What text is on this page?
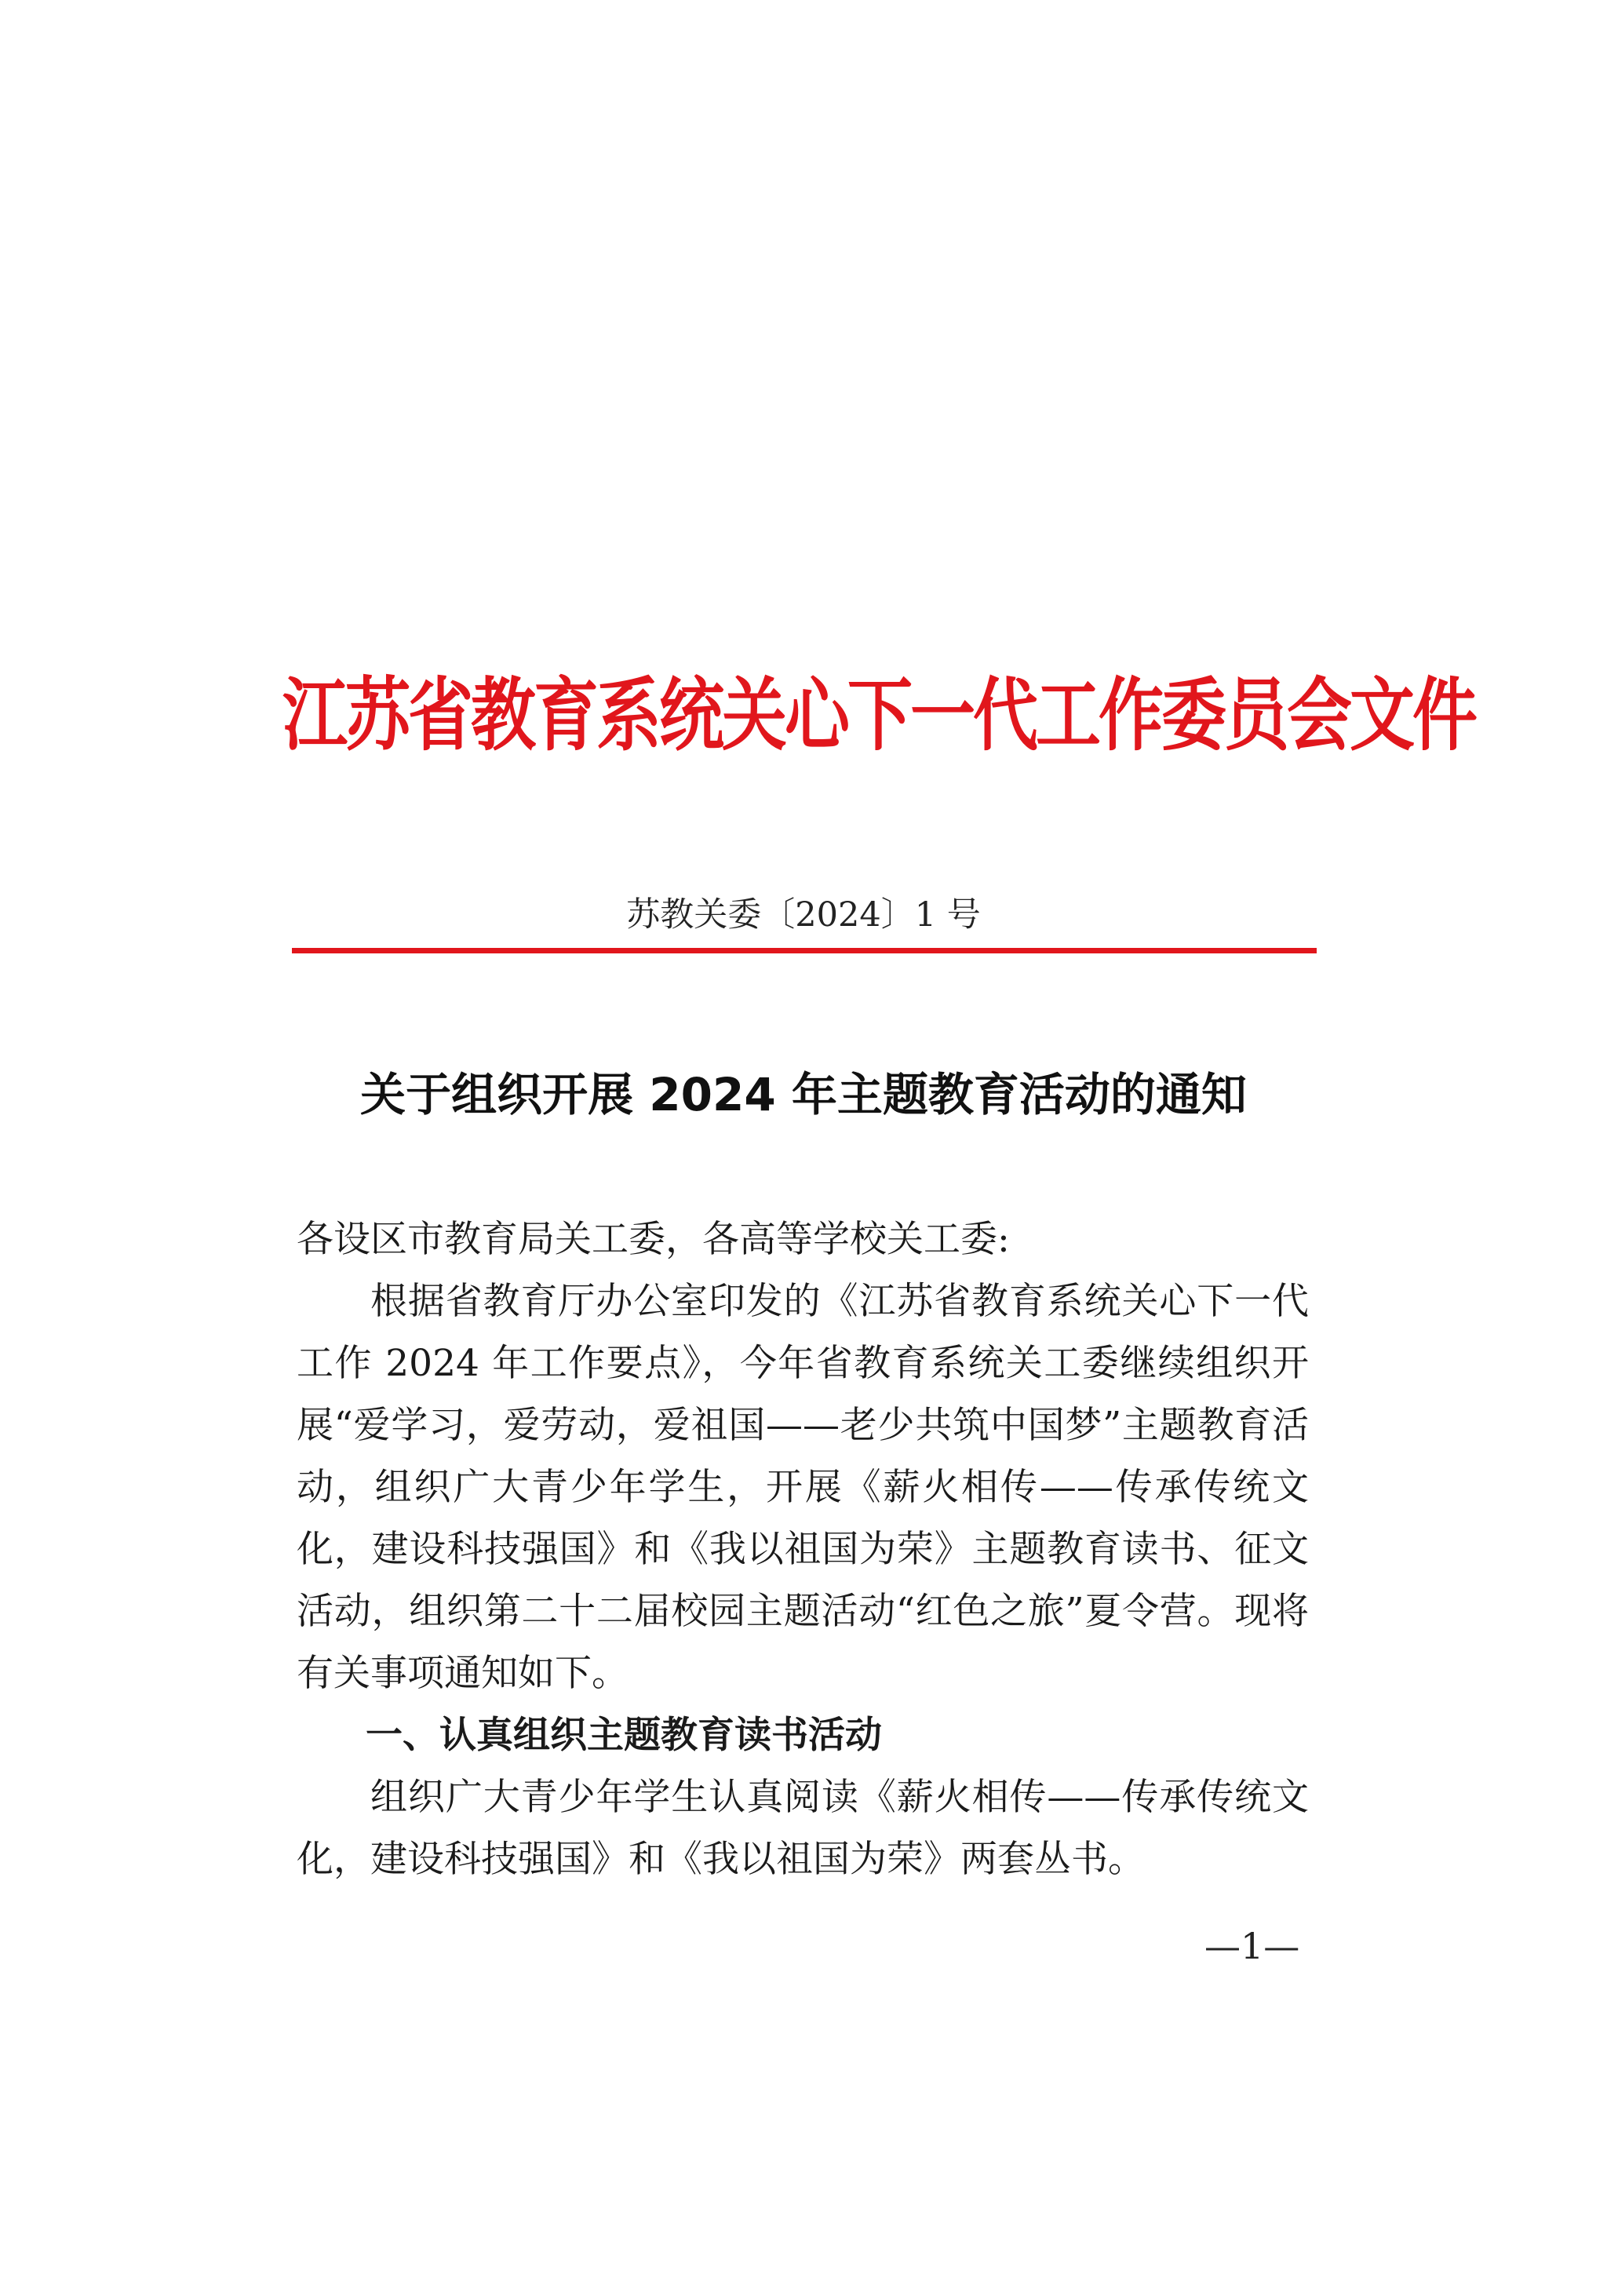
江苏省教育系统关心下一代工作委员会文件
苏教关委〔2024〕1 号
关于组织开展 2024 年主题教育活动的通知

各设区市教育局关工委，各高等学校关工委:

根据省教育厅办公室印发的《江苏省教育系统关心下一代工作 2024 年工作要点》，今年省教育系统关工委继续组织开展“爱学习，爱劳动，爱祖国——老少共筑中国梦”主题教育活动，组织广大青少年学生，开展《薪火相传——传承传统文化，建设科技强国》和《我以祖国为荣》主题教育读书、征文活动，组织第二十二届校园主题活动“红色之旅”夏令营。现将有关事项通知如下。

一、认真组织主题教育读书活动

组织广大青少年学生认真阅读《薪火相传——传承传统文化，建设科技强国》和《我以祖国为荣》两套丛书。

—1—
